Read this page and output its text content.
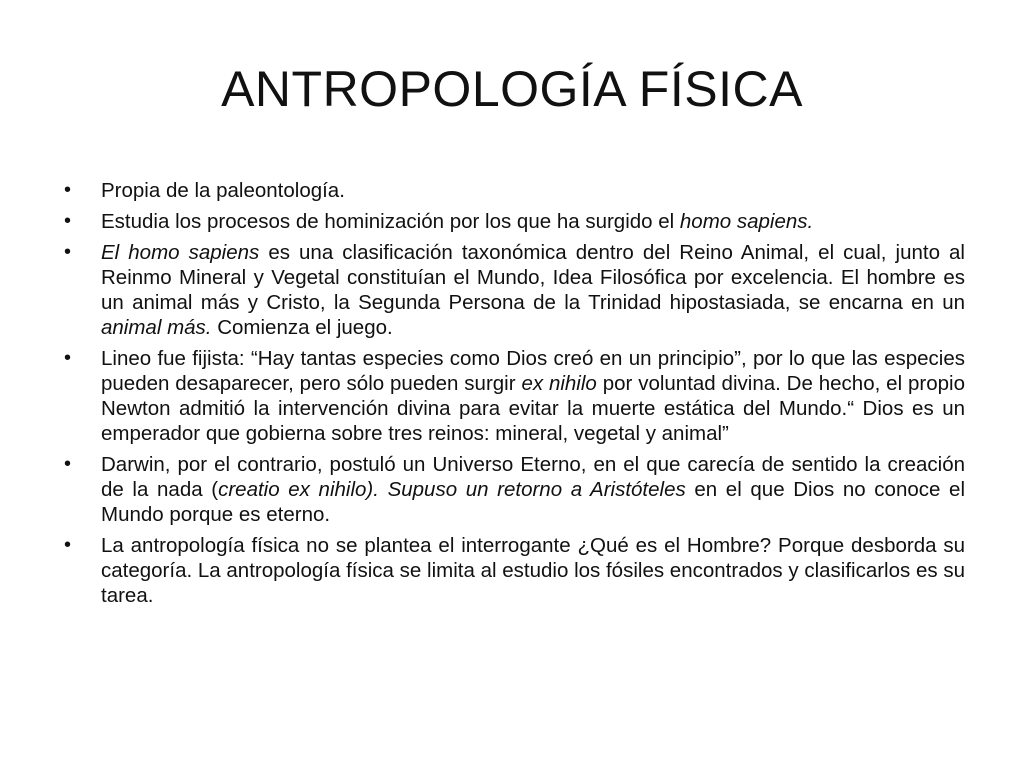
ANTROPOLOGÍA FÍSICA
• Propia de la paleontología.
• Estudia los procesos de hominización por los que ha surgido el homo sapiens.
• El homo sapiens es una clasificación taxonómica dentro del Reino Animal, el cual, junto al Reinmo Mineral y Vegetal constituían el Mundo, Idea Filosófica por excelencia. El hombre es un animal más y Cristo, la Segunda Persona de la Trinidad hipostasiada, se encarna en un animal más. Comienza el juego.
• Lineo fue fijista: “Hay tantas especies como Dios creó en un principio”, por lo que las especies pueden desaparecer, pero sólo pueden surgir ex nihilo por voluntad divina. De hecho, el propio Newton admitió la intervención divina para evitar la muerte estática del Mundo.“ Dios es un emperador que gobierna sobre tres reinos: mineral, vegetal y animal”
• Darwin, por el contrario, postuló un Universo Eterno, en el que carecía de sentido la creación de la nada (creatio ex nihilo). Supuso un retorno a Aristóteles en el que Dios no conoce el Mundo porque es eterno.
• La antropología física no se plantea el interrogante ¿Qué es el Hombre? Porque desborda su categoría. La antropología física se limita al estudio los fósiles encontrados y clasificarlos es su tarea.
